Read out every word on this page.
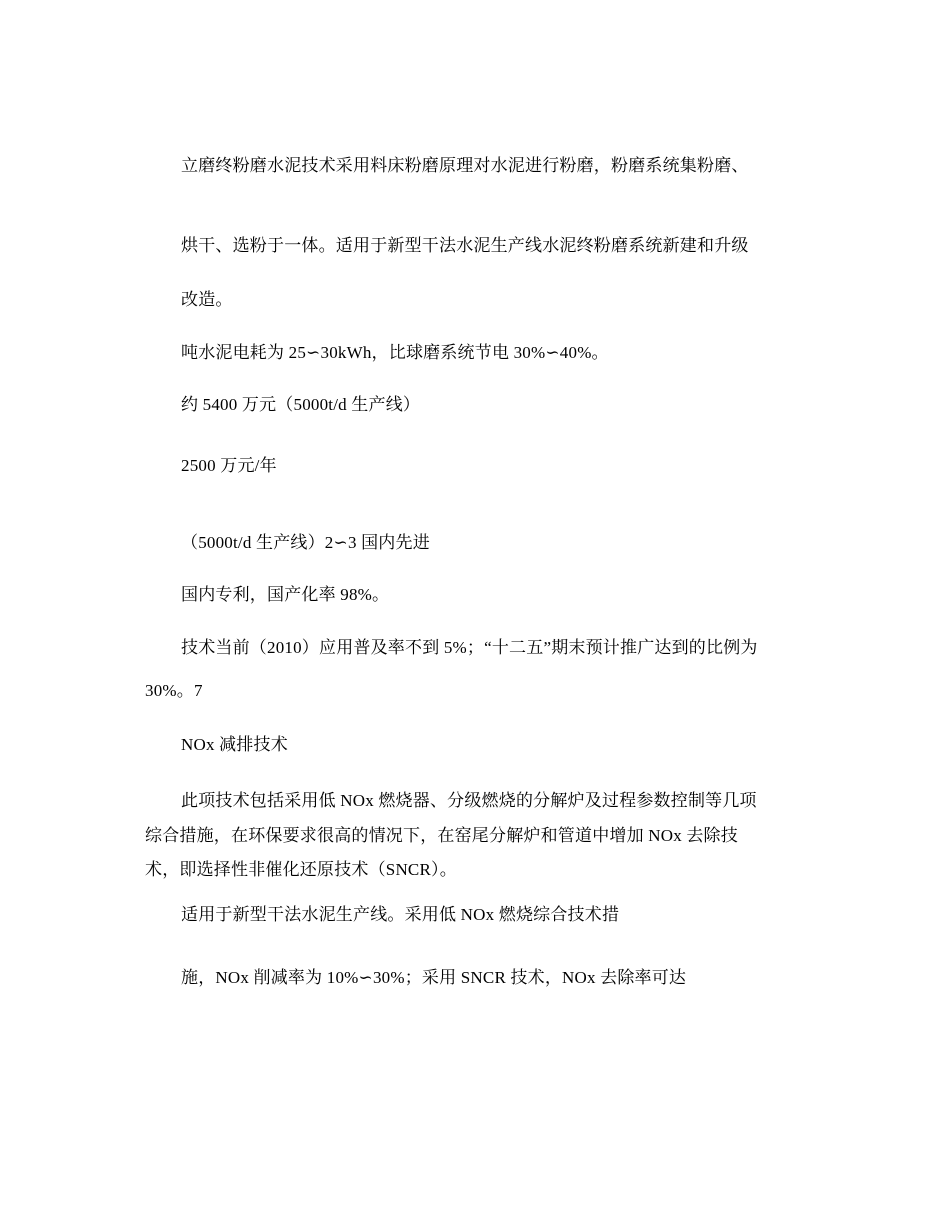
立磨终粉磨水泥技术采用料床粉磨原理对水泥进行粉磨，粉磨系统集粉磨、
烘干、选粉于一体。适用于新型干法水泥生产线水泥终粉磨系统新建和升级
改造。
吨水泥电耗为 25∽30kWh，比球磨系统节电 30%∽40%。
约 5400 万元（5000t/d 生产线）
2500 万元/年
（5000t/d 生产线）2∽3 国内先进
国内专利，国产化率 98%。
技术当前（2010）应用普及率不到 5%；“十二五”期末预计推广达到的比例为
30%。7
NOx 减排技术
此项技术包括采用低 NOx 燃烧器、分级燃烧的分解炉及过程参数控制等几项
综合措施，在环保要求很高的情况下，在窑尾分解炉和管道中增加 NOx 去除技
术，即选择性非催化还原技术（SNCR）。
适用于新型干法水泥生产线。采用低 NOx 燃烧综合技术措
施，NOx 削减率为 10%∽30%；采用 SNCR 技术，NOx 去除率可达
